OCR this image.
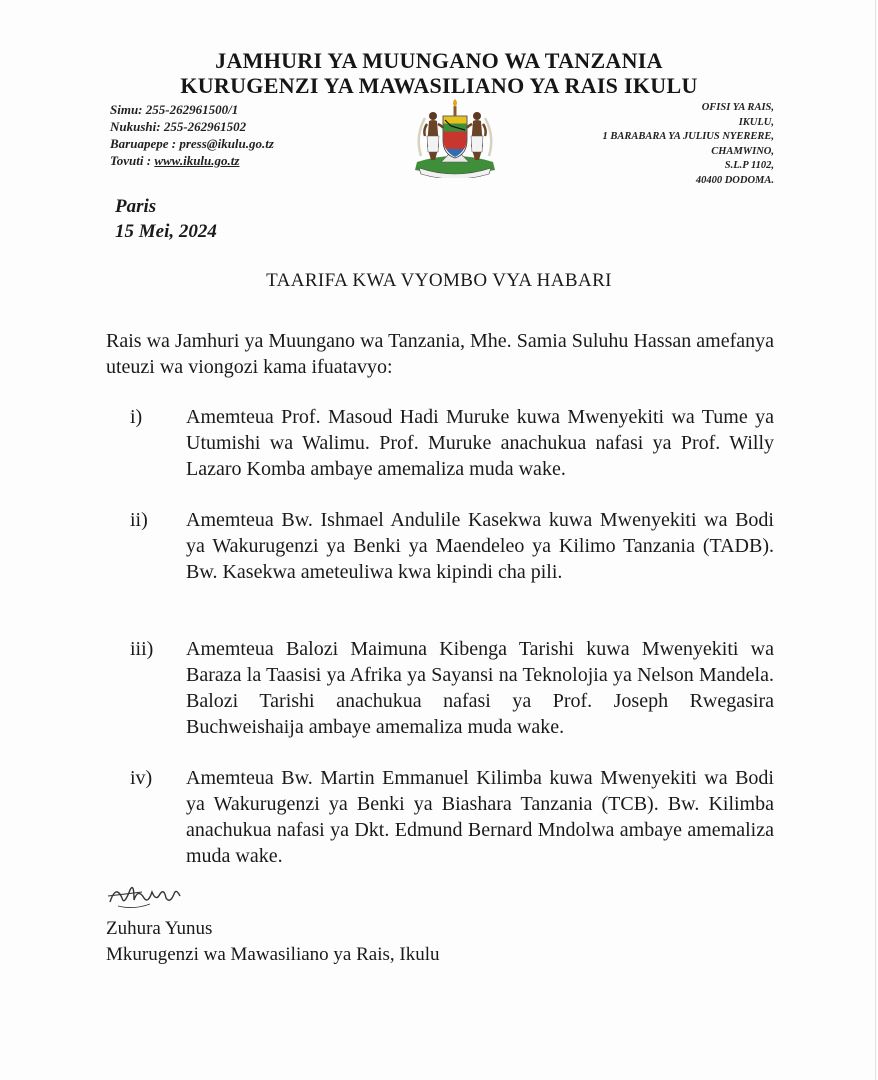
JAMHURI YA MUUNGANO WA TANZANIA
KURUGENZI YA MAWASILIANO YA RAIS IKULU
Simu: 255-262961500/1
Nukushi: 255-262961502
Baruapepe : press@ikulu.go.tz
Tovuti : www.ikulu.go.tz
OFISI YA RAIS,
IKULU,
1 BARABARA YA JULIUS NYERERE,
CHAMWINO,
S.L.P 1102,
40400 DODOMA.
Paris
15 Mei, 2024
TAARIFA KWA VYOMBO VYA HABARI
Rais wa Jamhuri ya Muungano wa Tanzania, Mhe. Samia Suluhu Hassan amefanya uteuzi wa viongozi kama ifuatavyo:
i) Amemteua Prof. Masoud Hadi Muruke kuwa Mwenyekiti wa Tume ya Utumishi wa Walimu. Prof. Muruke anachukua nafasi ya Prof. Willy Lazaro Komba ambaye amemaliza muda wake.
ii) Amemteua Bw. Ishmael Andulile Kasekwa kuwa Mwenyekiti wa Bodi ya Wakurugenzi ya Benki ya Maendeleo ya Kilimo Tanzania (TADB). Bw. Kasekwa ameteuliwa kwa kipindi cha pili.
iii) Amemteua Balozi Maimuna Kibenga Tarishi kuwa Mwenyekiti wa Baraza la Taasisi ya Afrika ya Sayansi na Teknolojia ya Nelson Mandela. Balozi Tarishi anachukua nafasi ya Prof. Joseph Rwegasira Buchweishaija ambaye amemaliza muda wake.
iv) Amemteua Bw. Martin Emmanuel Kilimba kuwa Mwenyekiti wa Bodi ya Wakurugenzi ya Benki ya Biashara Tanzania (TCB). Bw. Kilimba anachukua nafasi ya Dkt. Edmund Bernard Mndolwa ambaye amemaliza muda wake.
Zuhura Yunus
Mkurugenzi wa Mawasiliano ya Rais, Ikulu
